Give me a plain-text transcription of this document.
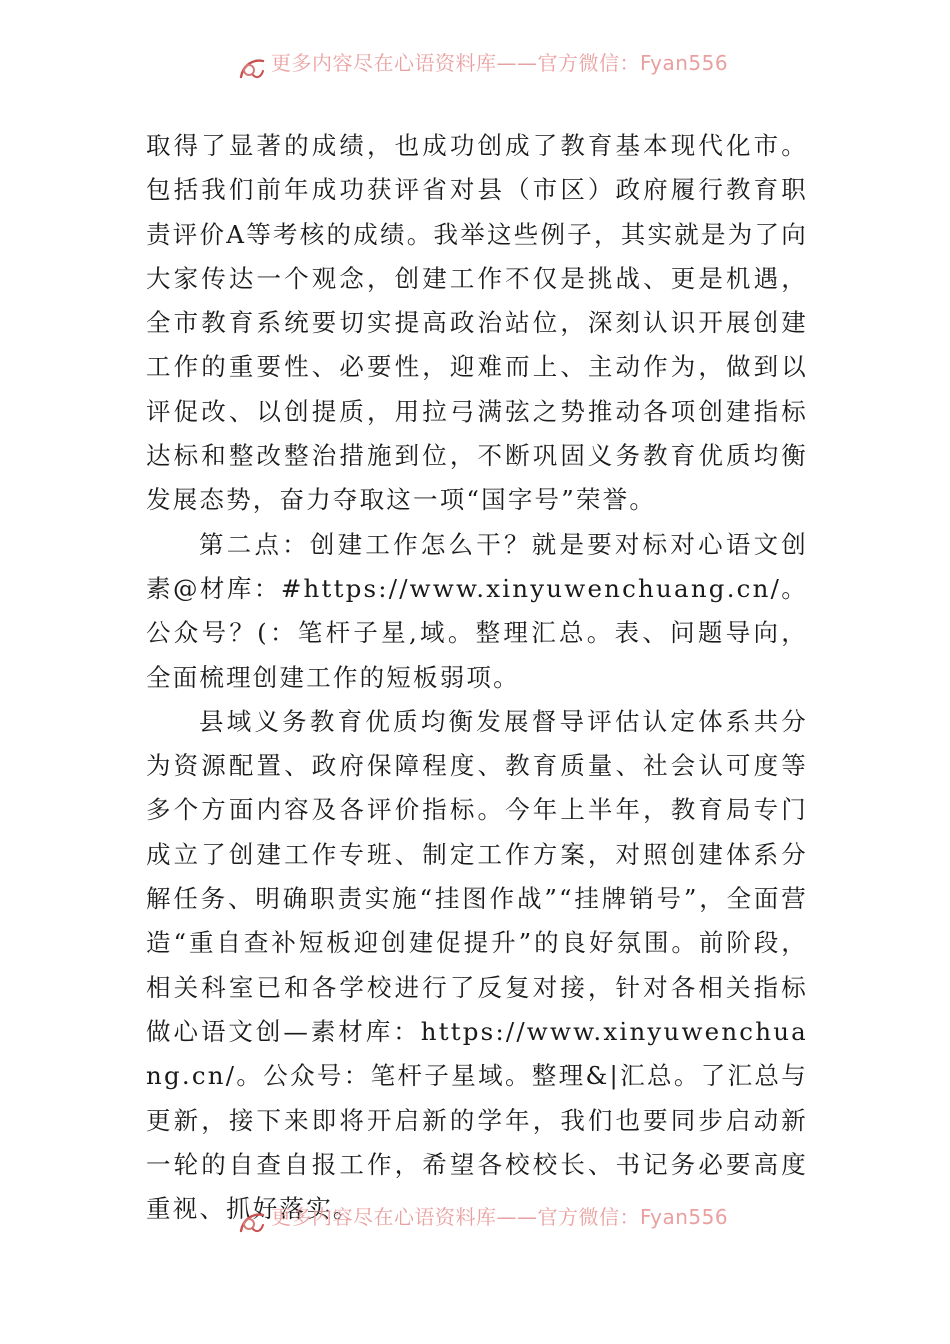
更多内容尽在心语资料库——官方微信：Fyan556

取得了显著的成绩，也成功创成了教育基本现代化市。包括我们前年成功获评省对县（市区）政府履行教育职责评价A等考核的成绩。我举这些例子，其实就是为了向大家传达一个观念，创建工作不仅是挑战、更是机遇，全市教育系统要切实提高政治站位，深刻认识开展创建工作的重要性、必要性，迎难而上、主动作为，做到以评促改、以创提质，用拉弓满弦之势推动各项创建指标达标和整改整治措施到位，不断巩固义务教育优质均衡发展态势，奋力夺取这一项“国字号”荣誉。

第二点：创建工作怎么干？就是要对标对心语文创素@材库：#https://www.xinyuwenchuang.cn/。公众号？(：笔杆子星,域。整理汇总。表、问题导向，全面梳理创建工作的短板弱项。

县域义务教育优质均衡发展督导评估认定体系共分为资源配置、政府保障程度、教育质量、社会认可度等多个方面内容及各评价指标。今年上半年，教育局专门成立了创建工作专班、制定工作方案，对照创建体系分解任务、明确职责实施“挂图作战”“挂牌销号”，全面营造“重自查补短板迎创建促提升”的良好氛围。前阶段，相关科室已和各学校进行了反复对接，针对各相关指标做心语文创—素材库：https://www.xinyuwenchuang.cn/。公众号：笔杆子星域。整理&|汇总。了汇总与更新，接下来即将开启新的学年，我们也要同步启动新一轮的自查自报工作，希望各校校长、书记务必要高度重视、抓好落实。

更多内容尽在心语资料库——官方微信：Fyan556
